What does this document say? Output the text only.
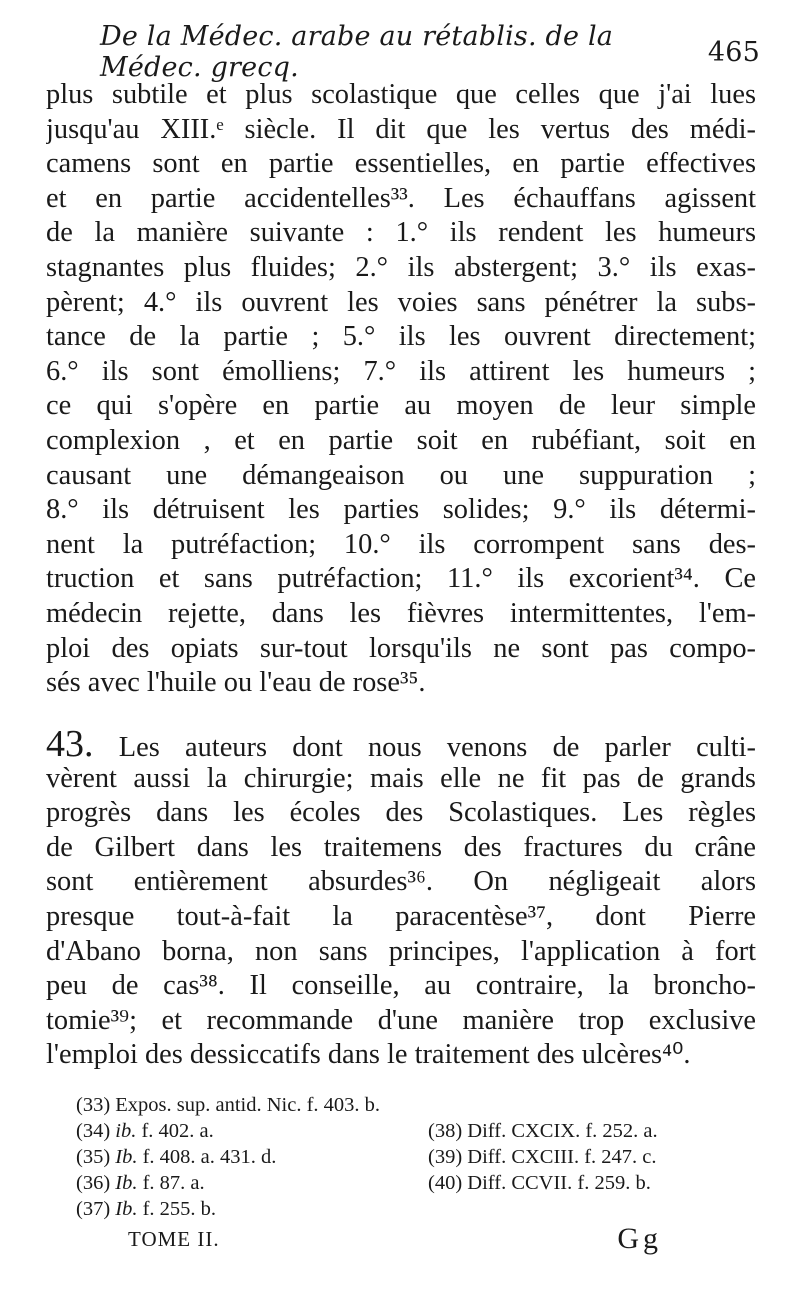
De la Médec. arabe au rétablis. de la Médec. grecq.	465
plus subtile et plus scolastique que celles que j'ai lues
jusqu'au XIII.ᵉ siècle. Il dit que les vertus des médi-
camens sont en partie essentielles, en partie effectives
et en partie accidentelles³³. Les échauffans agissent
de la manière suivante : 1.° ils rendent les humeurs
stagnantes plus fluides; 2.° ils abstergent; 3.° ils exas-
pèrent; 4.° ils ouvrent les voies sans pénétrer la subs-
tance de la partie ; 5.° ils les ouvrent directement;
6.° ils sont émolliens; 7.° ils attirent les humeurs ;
ce qui s'opère en partie au moyen de leur simple
complexion , et en partie soit en rubéfiant, soit en
causant une démangeaison ou une suppuration ;
8.° ils détruisent les parties solides; 9.° ils détermi-
nent la putréfaction; 10.° ils corrompent sans des-
truction et sans putréfaction; 11.° ils excorient³⁴. Ce
médecin rejette, dans les fièvres intermittentes, l'em-
ploi des opiats sur-tout lorsqu'ils ne sont pas compo-
sés avec l'huile ou l'eau de rose³⁵.
43. Les auteurs dont nous venons de parler culti-
vèrent aussi la chirurgie; mais elle ne fit pas de grands
progrès dans les écoles des Scolastiques. Les règles
de Gilbert dans les traitemens des fractures du crâne
sont entièrement absurdes³⁶. On négligeait alors
presque tout-à-fait la paracentèse³⁷, dont Pierre
d'Abano borna, non sans principes, l'application à fort
peu de cas³⁸. Il conseille, au contraire, la broncho-
tomie³⁹; et recommande d'une manière trop exclusive
l'emploi des dessiccatifs dans le traitement des ulcères⁴⁰.
(33) Expos. sup. antid. Nic. f. 403. b.
(34) ib. f. 402. a.	(38) Diff. CXCIX. f. 252. a.
(35) Ib. f. 408. a. 431. d.	(39) Diff. CXCIII. f. 247. c.
(36) Ib. f. 87. a.	(40) Diff. CCVII. f. 259. b.
(37) Ib. f. 255. b.
TOME II.	Gg
